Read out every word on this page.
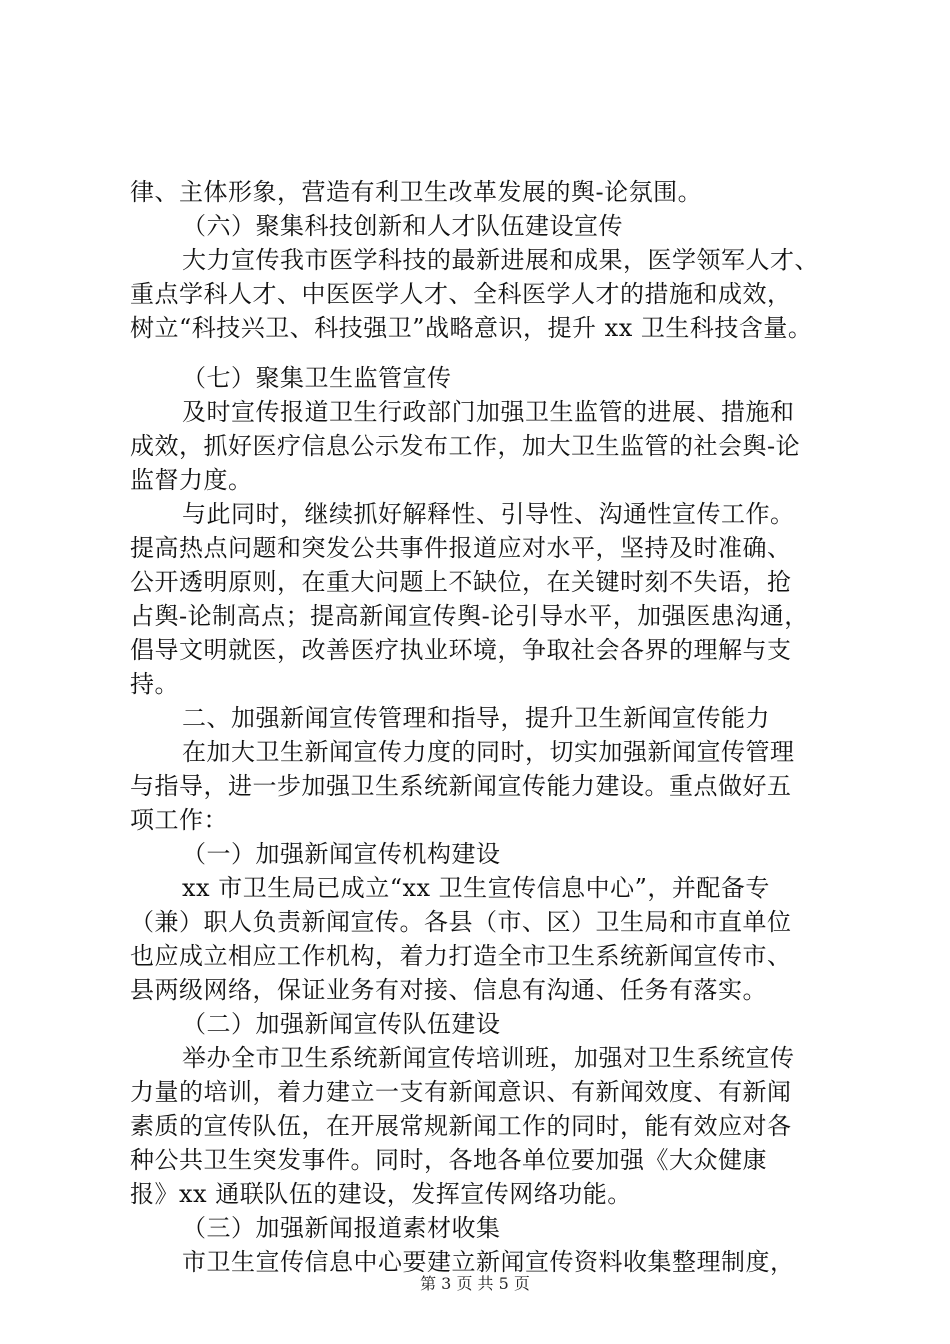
律、主体形象，营造有利卫生改革发展的舆-论氛围。
（六）聚集科技创新和人才队伍建设宣传
大力宣传我市医学科技的最新进展和成果，医学领军人才、
重点学科人才、中医医学人才、全科医学人才的措施和成效，
树立“科技兴卫、科技强卫”战略意识，提升 xx 卫生科技含量。
（七）聚集卫生监管宣传
及时宣传报道卫生行政部门加强卫生监管的进展、措施和
成效，抓好医疗信息公示发布工作，加大卫生监管的社会舆-论
监督力度。
与此同时，继续抓好解释性、引导性、沟通性宣传工作。
提高热点问题和突发公共事件报道应对水平，坚持及时准确、
公开透明原则，在重大问题上不缺位，在关键时刻不失语，抢
占舆-论制高点；提高新闻宣传舆-论引导水平，加强医患沟通，
倡导文明就医，改善医疗执业环境，争取社会各界的理解与支
持。
二、加强新闻宣传管理和指导，提升卫生新闻宣传能力
在加大卫生新闻宣传力度的同时，切实加强新闻宣传管理
与指导，进一步加强卫生系统新闻宣传能力建设。重点做好五
项工作：
（一）加强新闻宣传机构建设
xx 市卫生局已成立“xx 卫生宣传信息中心”，并配备专
（兼）职人负责新闻宣传。各县（市、区）卫生局和市直单位
也应成立相应工作机构，着力打造全市卫生系统新闻宣传市、
县两级网络，保证业务有对接、信息有沟通、任务有落实。
（二）加强新闻宣传队伍建设
举办全市卫生系统新闻宣传培训班，加强对卫生系统宣传
力量的培训，着力建立一支有新闻意识、有新闻效度、有新闻
素质的宣传队伍，在开展常规新闻工作的同时，能有效应对各
种公共卫生突发事件。同时，各地各单位要加强《大众健康
报》xx 通联队伍的建设，发挥宣传网络功能。
（三）加强新闻报道素材收集
市卫生宣传信息中心要建立新闻宣传资料收集整理制度，
第 3 页 共 5 页
